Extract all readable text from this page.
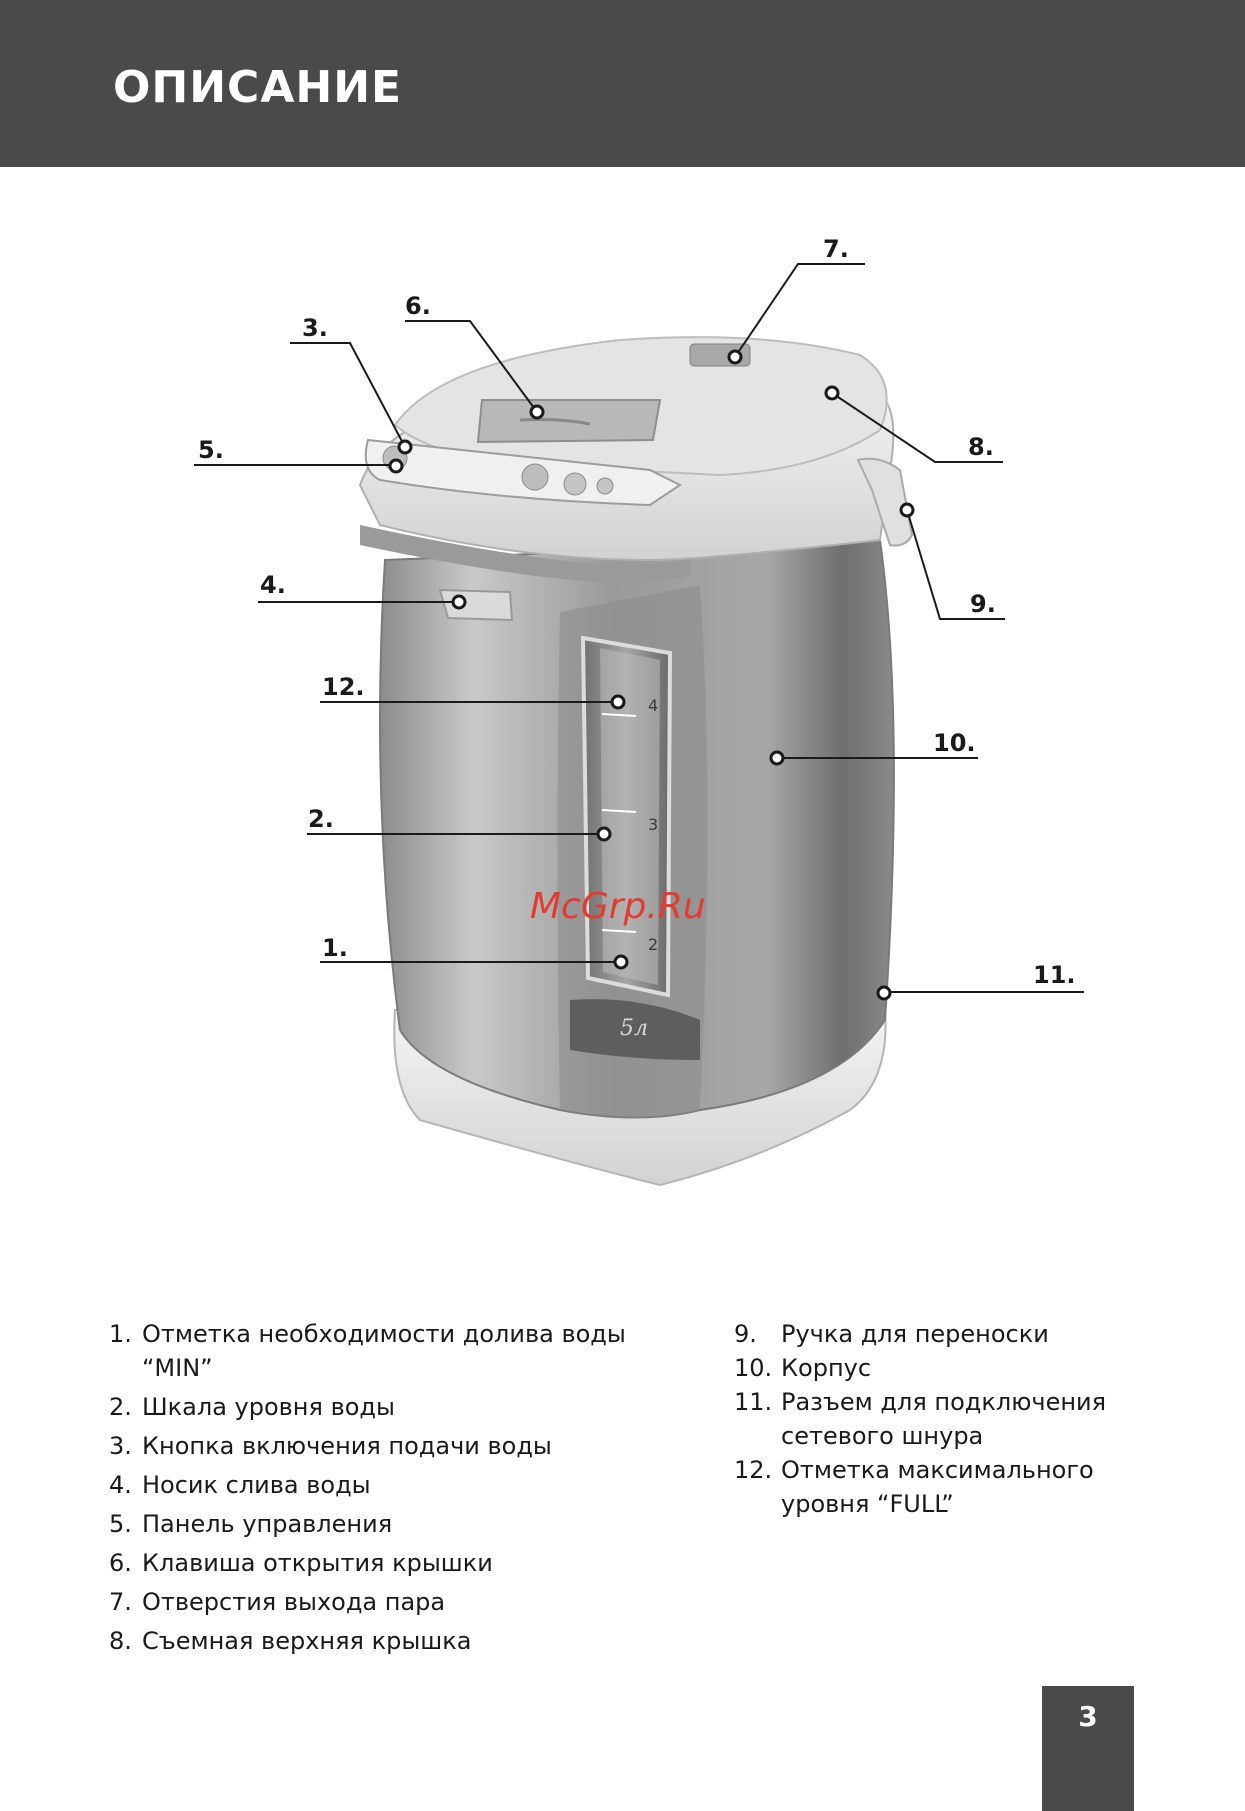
ОПИСАНИЕ
5л
4
3
2
McGrp.Ru
7.
6.
3.
5.	8.
4.
9.
12.
10.
2.
1.
11.
1. Отметка необходимости долива воды “MIN”
2. Шкала уровня воды
3. Кнопка включения подачи воды
4. Носик слива воды
5. Панель управления
6. Клавиша открытия крышки
7. Отверстия выхода пара
8. Съемная верхняя крышка
9. Ручка для переноски
10. Корпус
11. Разъем для подключения сетевого шнура
12. Отметка максимального уровня “FULL”
3
